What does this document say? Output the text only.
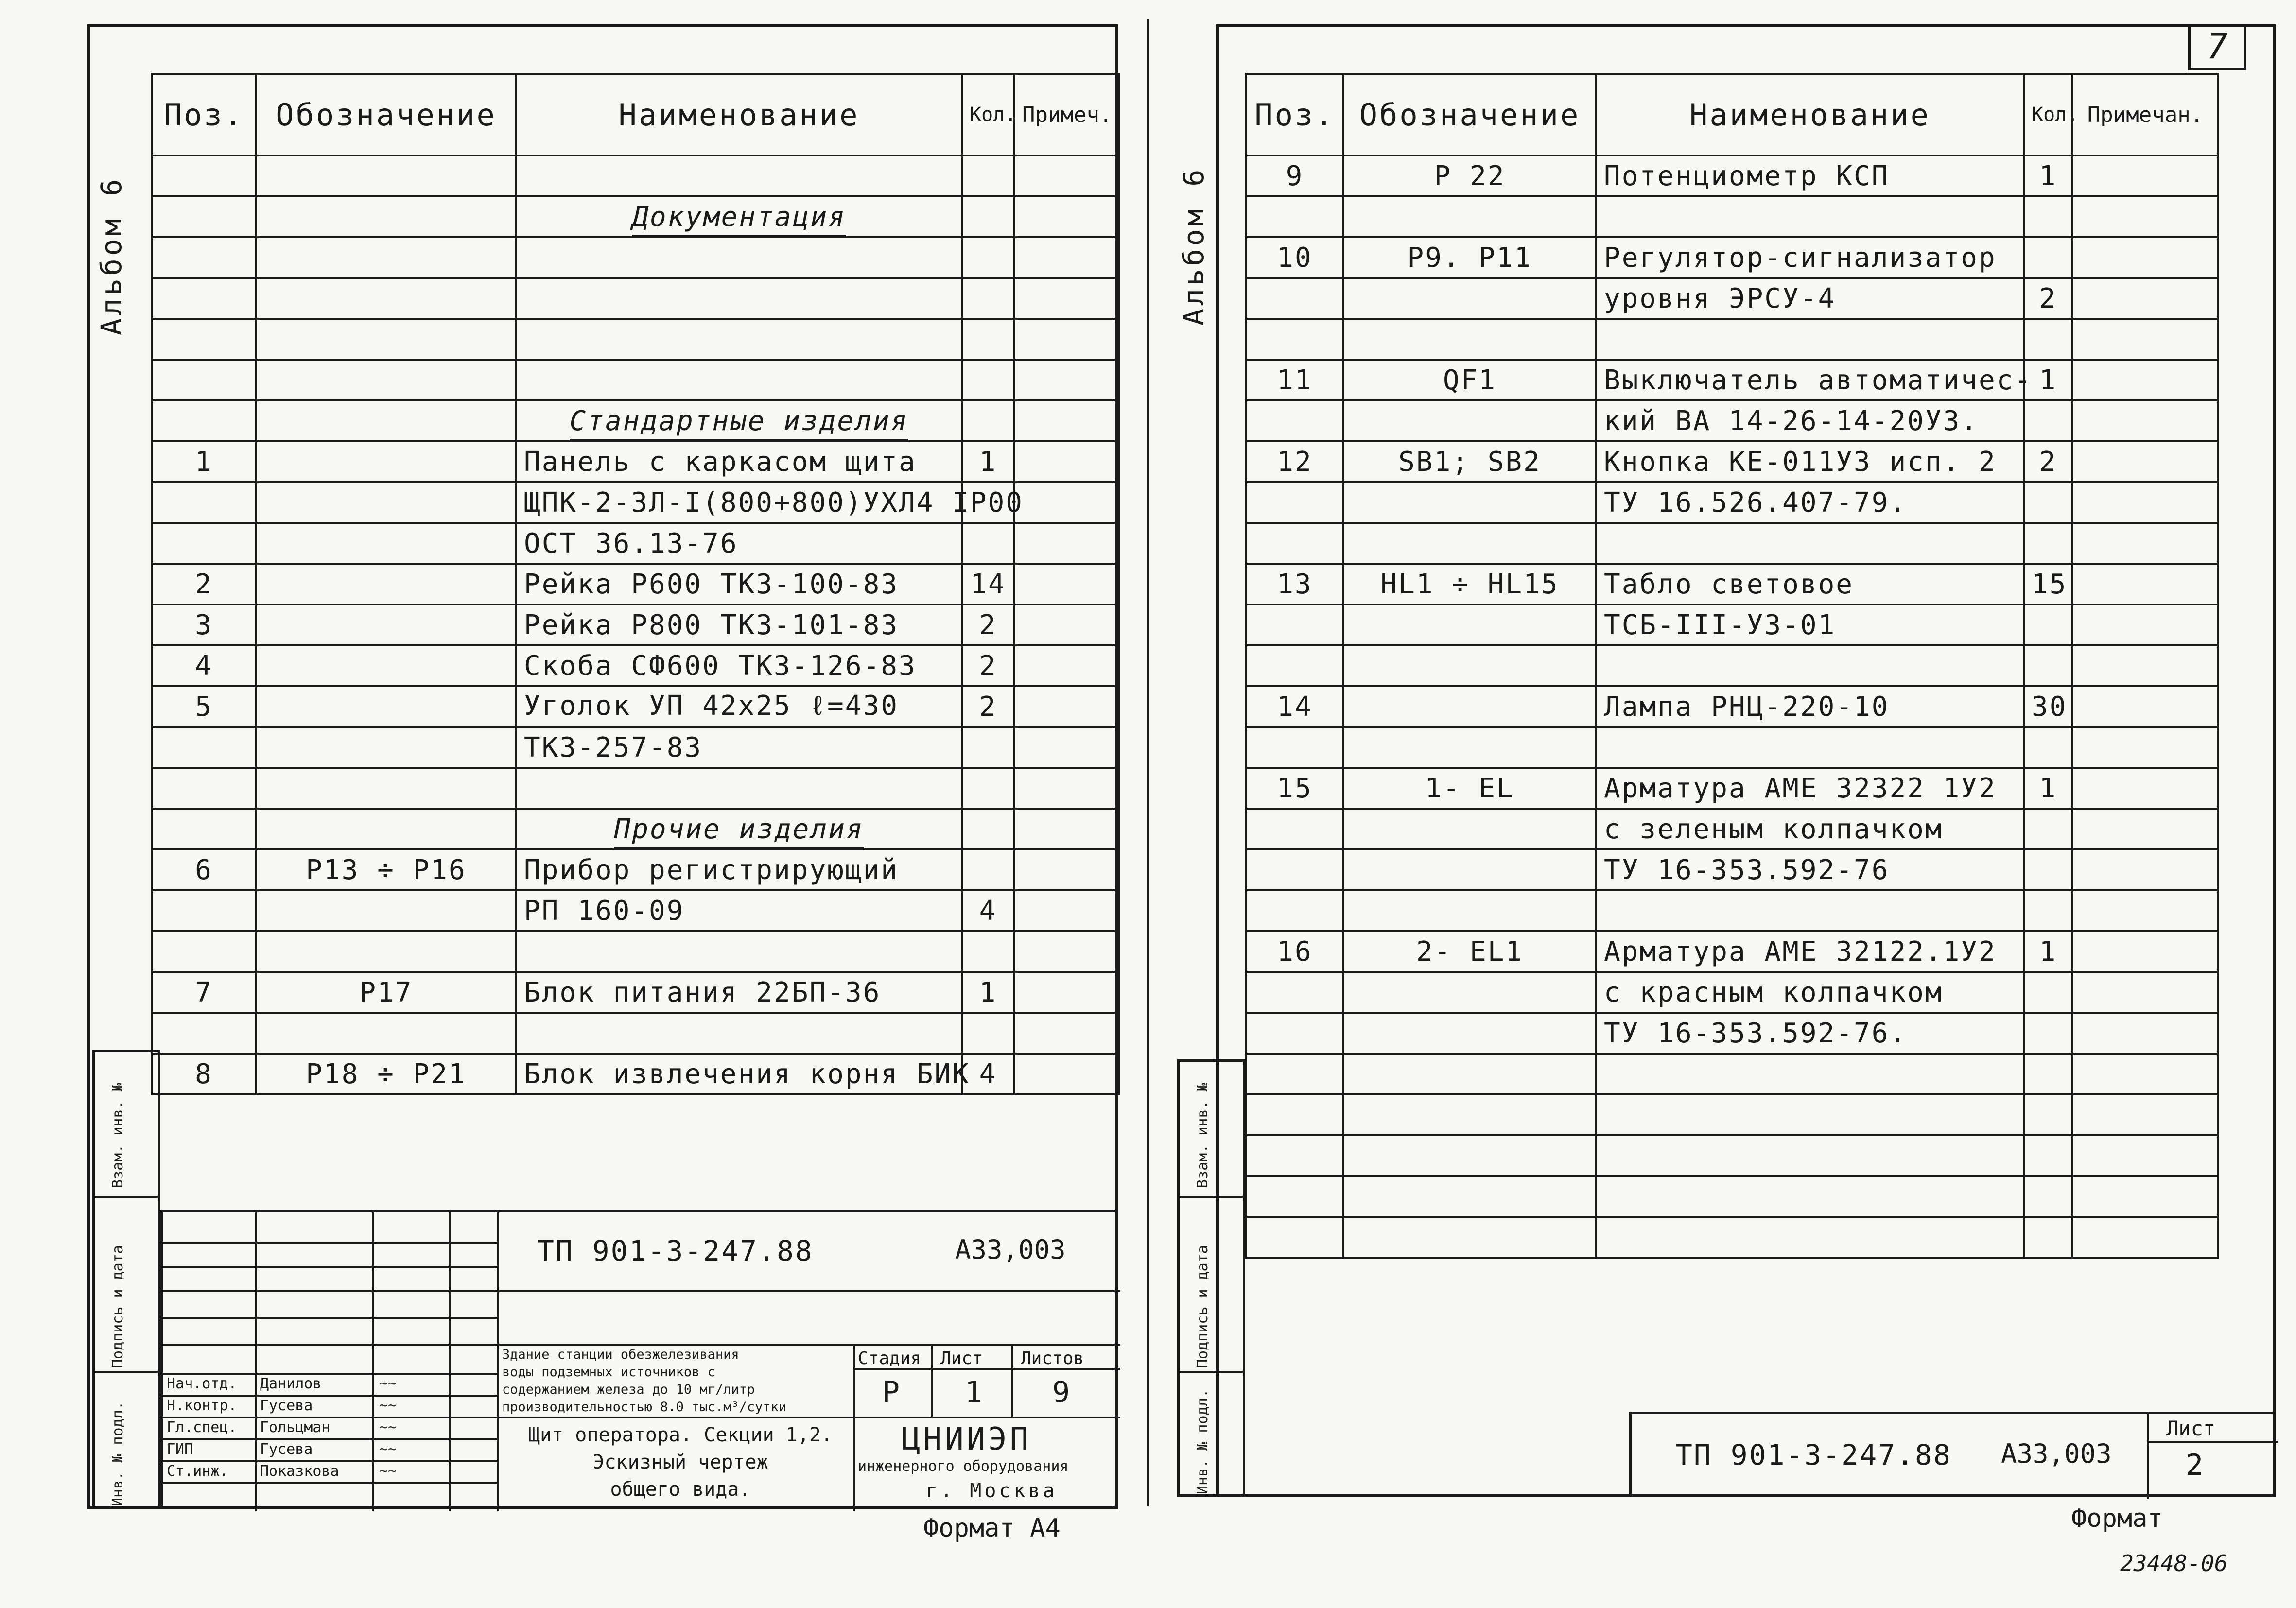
Альбом 6
Поз.	Обозначение	Наименование	Кол.	Примеч.

		Документация		

		Стандартные изделия		
1		Панель с каркасом щита	1	
		ЩПК-2-3Л-I(800+800)УХЛ4 IP00		
		ОСТ 36.13-76		
2		Рейка Р600 ТК3-100-83	14	
3		Рейка Р800 ТК3-101-83	2	
4		Скоба СФ600 ТК3-126-83	2	
5		Уголок УП 42x25 ℓ=430	2	
		ТК3-257-83		

		Прочие изделия		
6	Р13 ÷ Р16	Прибор регистрирующий		
		РП 160-09	4	

7	Р17	Блок питания 22БП-36	1	

8	Р18 ÷ Р21	Блок извлечения корня БИК	4	
Взам. инв. №
Подпись и дата
Инв. № подл.
ТП 901-3-247.88	А33,003
Здание станции обезжелезивания
воды подземных источников с
содержанием железа до 10 мг/литр
производительностью 8.0 тыс.м³/сутки
Щит оператора. Секции 1,2.
Эскизный чертеж
общего вида.
Стадия Лист Листов
Р 1 9
ЦНИИЭП
инженерного оборудования
г. Москва
Нач.отд. Данилов	~~
Н.контр. Гусева	~~
Гл.спец. Гольцман	~~
ГИП	Гусева	~~
Ст.инж. Показкова	~~
Формат А4
7
Альбом 6
Поз.	Обозначение	Наименование	Кол.	Примечан.
9	Р 22	Потенциометр КСП	1	

10	Р9. Р11	Регулятор-сигнализатор		
		уровня ЭРСУ-4	2	

11	QF1	Выключатель автоматичес-	1	
		кий ВА 14-26-14-20У3.		
12	SB1; SB2	Кнопка КЕ-011У3 исп. 2	2	
		ТУ 16.526.407-79.		

13	HL1 ÷ HL15	Табло световое	15	
		ТСБ-III-У3-01		

14		Лампа РНЦ-220-10	30	

15	1- EL	Арматура АМЕ 32322 1У2	1	
		с зеленым колпачком		
		ТУ 16-353.592-76		

16	2- EL1	Арматура АМЕ 32122.1У2	1	
		с красным колпачком		
		ТУ 16-353.592-76.		

Взам. инв. №
Подпись и дата
Инв. № подл.	ТП 901-3-247.88 А33,003
Лист
2
Формат
23448-06
